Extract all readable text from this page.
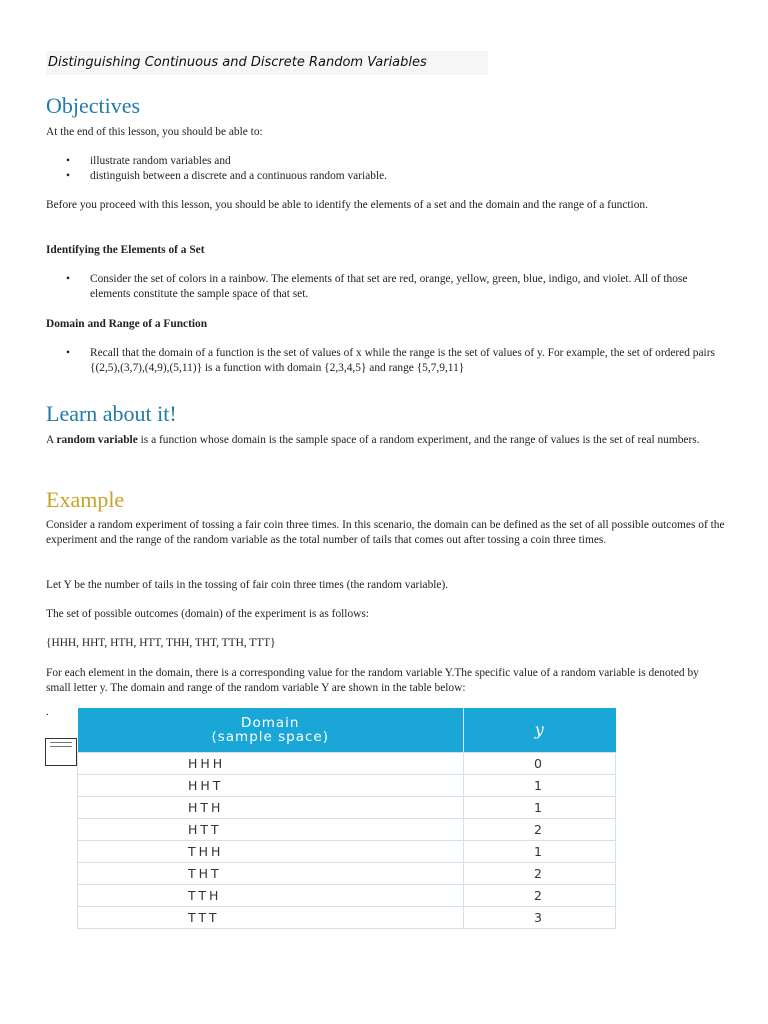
Distinguishing Continuous and Discrete Random Variables
Objectives

At the end of this lesson, you should be able to:

• illustrate random variables and
• distinguish between a discrete and a continuous random variable.

Before you proceed with this lesson, you should be able to identify the elements of a set and the domain and the range of a function.

Identifying the Elements of a Set

• Consider the set of colors in a rainbow. The elements of that set are red, orange, yellow, green, blue, indigo, and violet. All of those elements constitute the sample space of that set.

Domain and Range of a Function

• Recall that the domain of a function is the set of values of x while the range is the set of values of y. For example, the set of ordered pairs {(2,5),(3,7),(4,9),(5,11)} is a function with domain {2,3,4,5} and range {5,7,9,11}
Learn about it!

A random variable is a function whose domain is the sample space of a random experiment, and the range of values is the set of real numbers.

Example

Consider a random experiment of tossing a fair coin three times. In this scenario, the domain can be defined as the set of all possible outcomes of the experiment and the range of the random variable as the total number of tails that comes out after tossing a coin three times.

Let Y be the number of tails in the tossing of fair coin three times (the random variable).

The set of possible outcomes (domain) of the experiment is as follows:

{HHH, HHT, HTH, HTT, THH, THT, TTH, TTT}

For each element in the domain, there is a corresponding value for the random variable Y.The specific value of a random variable is denoted by small letter y. The domain and range of the random variable Y are shown in the table below:

.
Domain
(sample space)	y
HHH	0
HHT	1
HTH	1
HTT	2
THH	1
THT	2
TTH	2
TTT	3
